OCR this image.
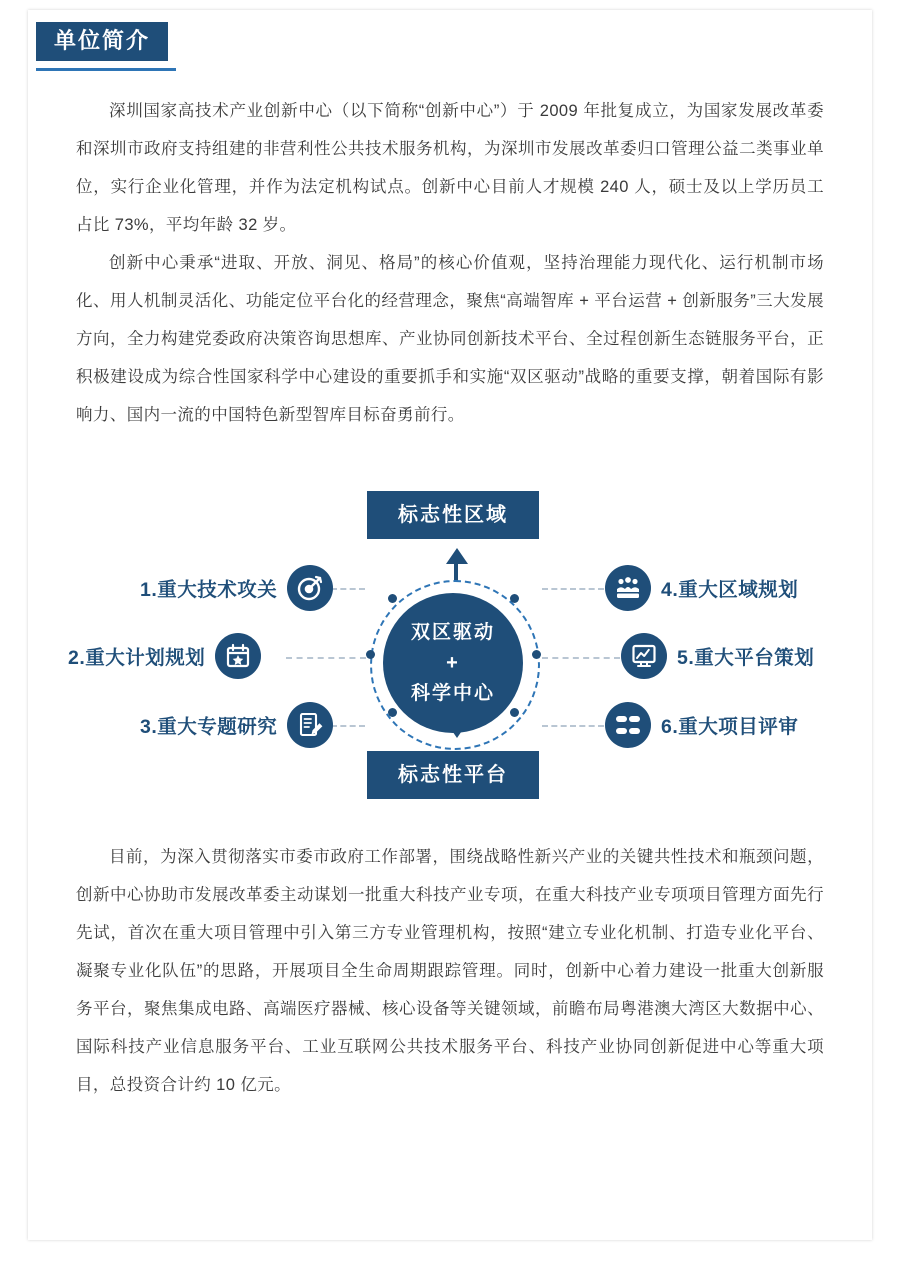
单位简介

深圳国家高技术产业创新中心（以下简称“创新中心”）于 2009 年批复成立，为国家发展改革委和深圳市政府支持组建的非营利性公共技术服务机构，为深圳市发展改革委归口管理公益二类事业单位，实行企业化管理，并作为法定机构试点。创新中心目前人才规模 240 人，硕士及以上学历员工占比 73%，平均年龄 32 岁。

创新中心秉承“进取、开放、洞见、格局”的核心价值观，坚持治理能力现代化、运行机制市场化、用人机制灵活化、功能定位平台化的经营理念，聚焦“高端智库 + 平台运营 + 创新服务”三大发展方向，全力构建党委政府决策咨询思想库、产业协同创新技术平台、全过程创新生态链服务平台，正积极建设成为综合性国家科学中心建设的重要抓手和实施“双区驱动”战略的重要支撑，朝着国际有影响力、国内一流的中国特色新型智库目标奋勇前行。

标志性区域
双区驱动
+
科学中心
标志性平台
1.重大技术攻关
2.重大计划规划
3.重大专题研究
4.重大区域规划
5.重大平台策划
6.重大项目评审

目前，为深入贯彻落实市委市政府工作部署，围绕战略性新兴产业的关键共性技术和瓶颈问题，创新中心协助市发展改革委主动谋划一批重大科技产业专项，在重大科技产业专项项目管理方面先行先试，首次在重大项目管理中引入第三方专业管理机构，按照“建立专业化机制、打造专业化平台、凝聚专业化队伍”的思路，开展项目全生命周期跟踪管理。同时，创新中心着力建设一批重大创新服务平台，聚焦集成电路、高端医疗器械、核心设备等关键领域，前瞻布局粤港澳大湾区大数据中心、国际科技产业信息服务平台、工业互联网公共技术服务平台、科技产业协同创新促进中心等重大项目，总投资合计约 10 亿元。
